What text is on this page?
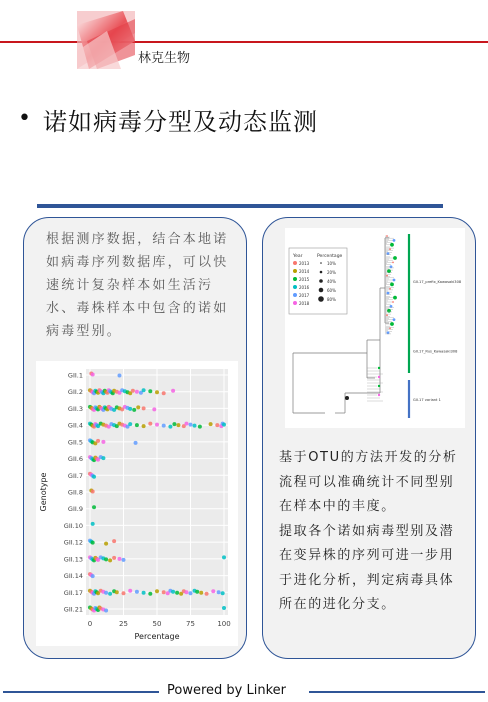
林克生物
• 诺如病毒分型及动态监测
根据测序数据，结合本地诺如病毒序列数据库，可以快速统计复杂样本如生活污水、毒株样本中包含的诺如病毒型别。
0	25	50	75	100
GII.1
GII.2
GII.3
GII.4
GII.5
GII.6
GII.7
GII.8
GII.9
GII.10
GII.12
GII.13
GII.14
GII.17
GII.21
Percentage
Genotype
Year	Percentage
2013
2014
2015
2016
2017
2018
10%
20%
40%
60%
80%
GII.17_prefix_Kawasaki308
GII.17_Rus_Kawasaki308
GII.17 variant 1

基于OTU的方法开发的分析流程可以准确统计不同型别在样本中的丰度。

提取各个诺如病毒型别及潜在变异株的序列可进一步用于进化分析，判定病毒具体所在的进化分支。

Powered by Linker
